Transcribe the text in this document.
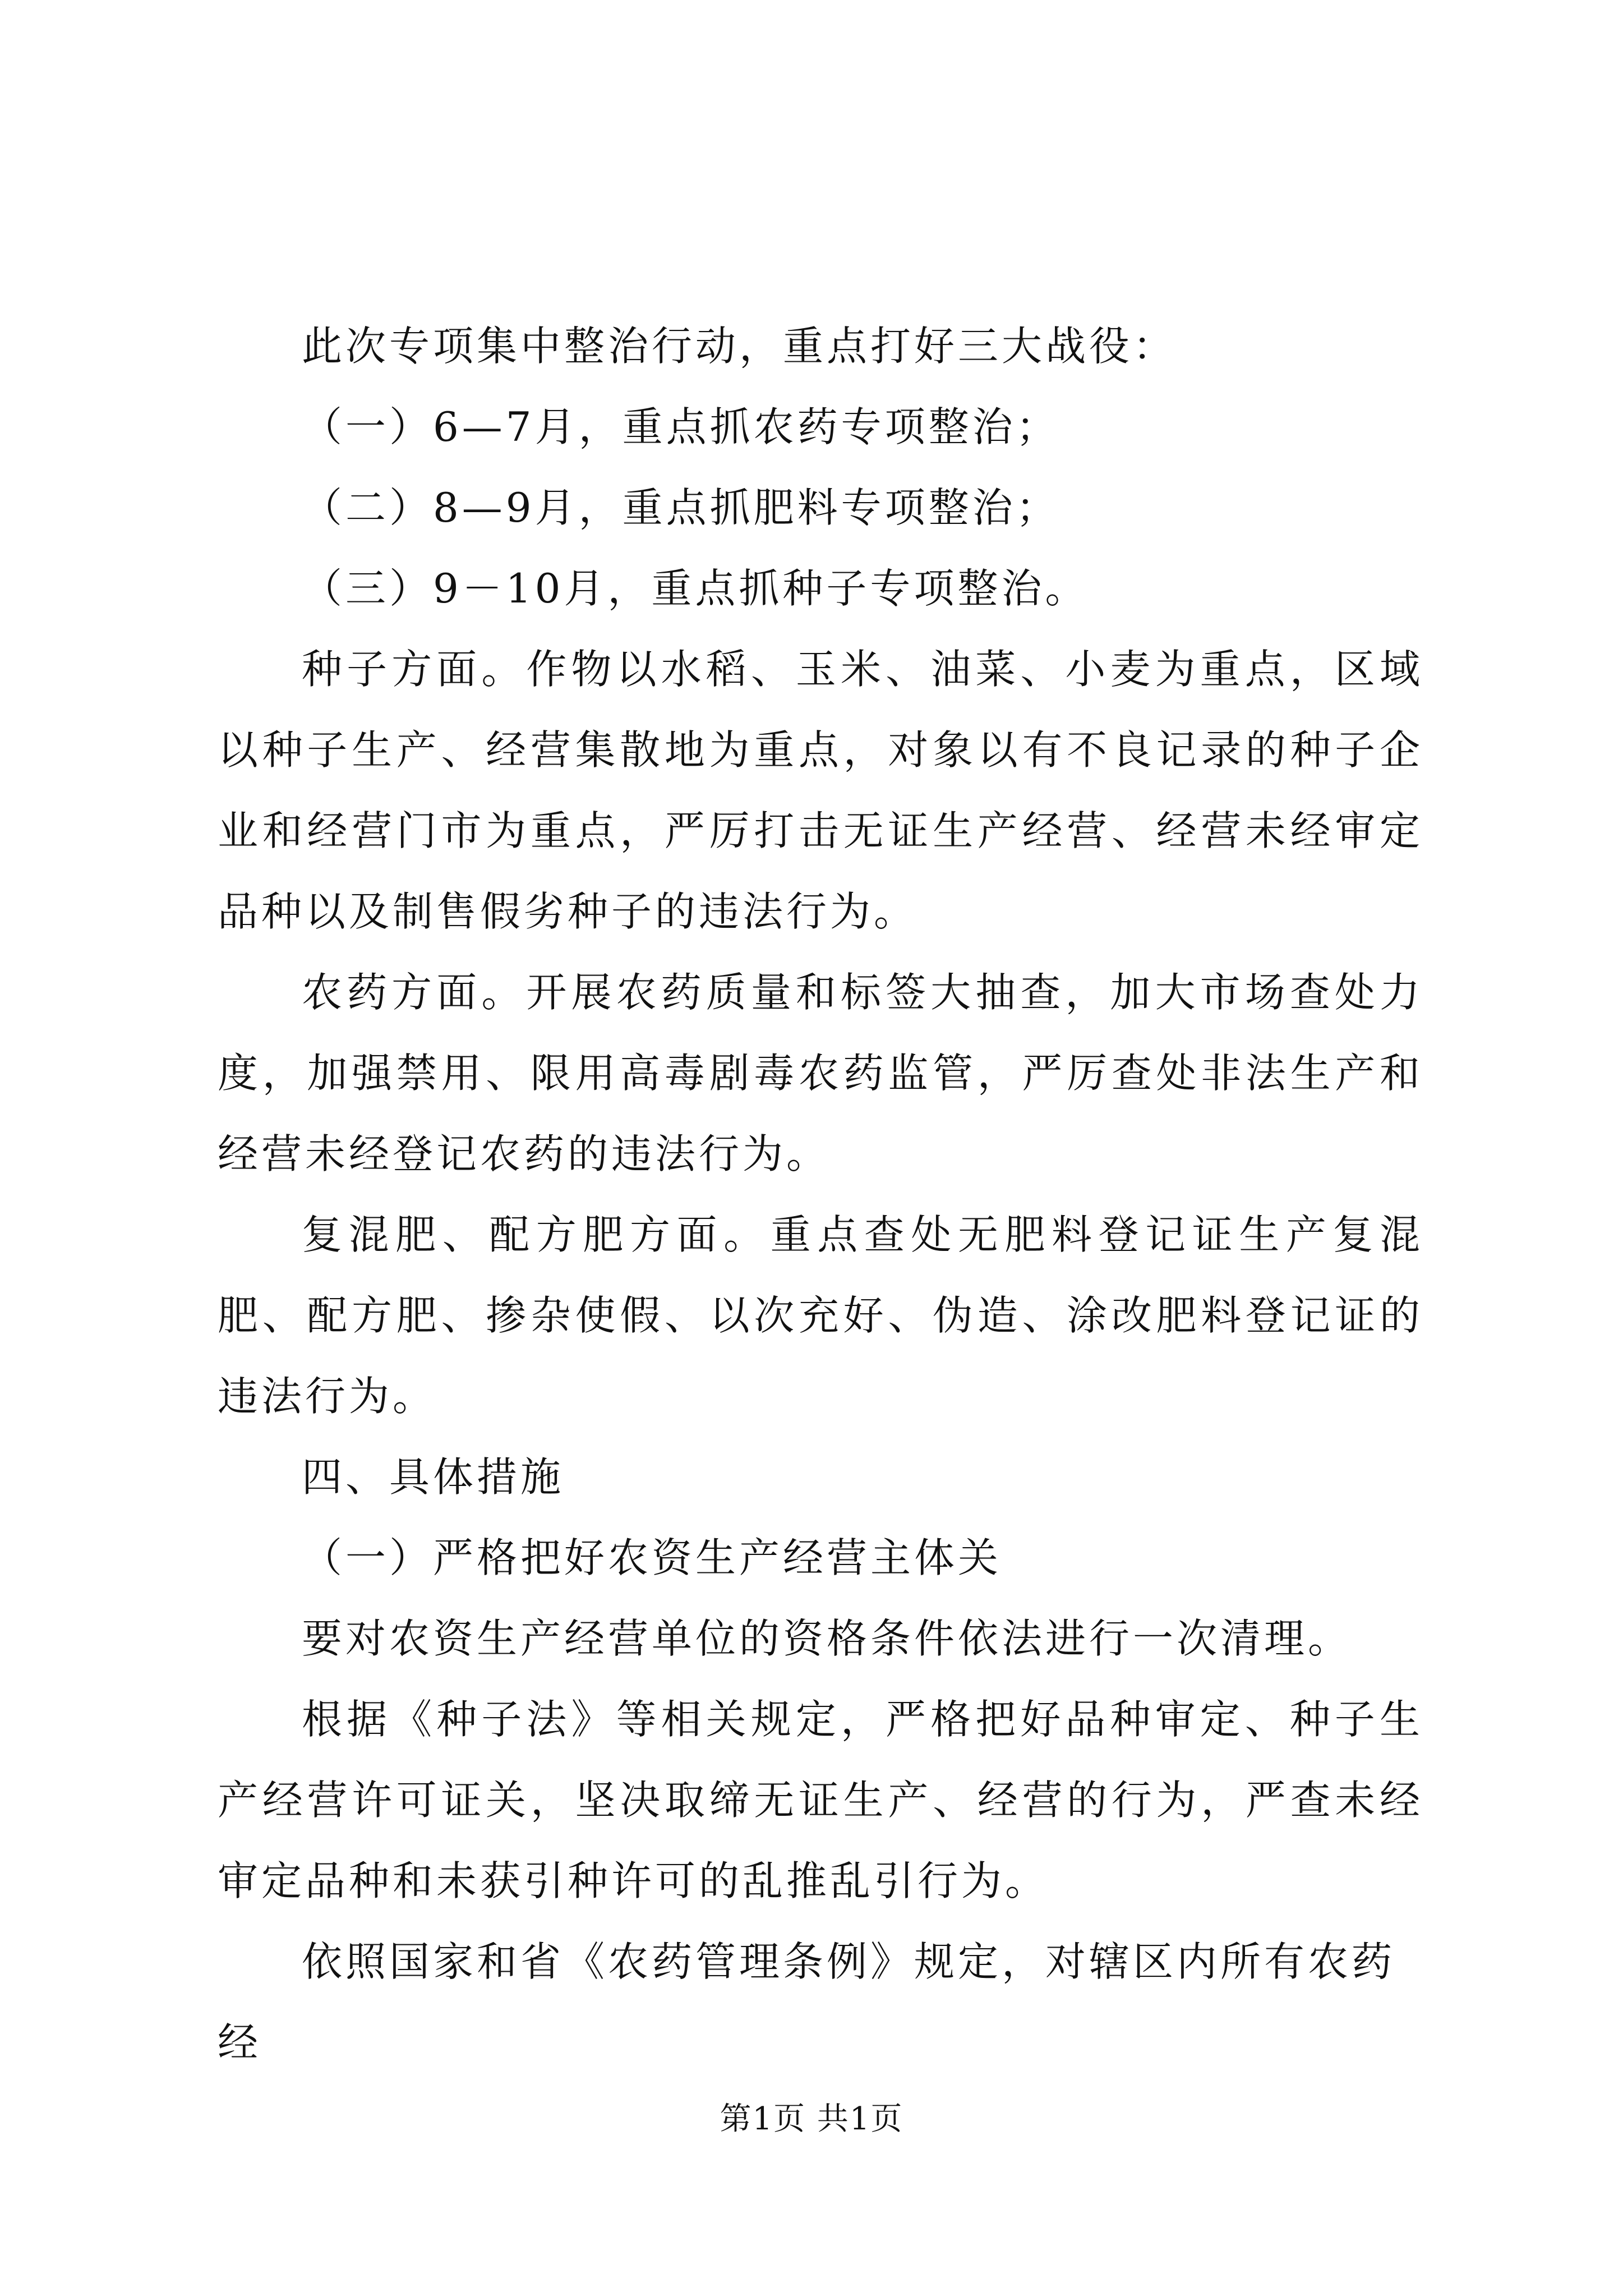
此次专项集中整治行动，重点打好三大战役：

（一）6—7月，重点抓农药专项整治；

（二）8—9月，重点抓肥料专项整治；

（三）9－10月，重点抓种子专项整治。

种子方面。作物以水稻、玉米、油菜、小麦为重点，区域以种子生产、经营集散地为重点，对象以有不良记录的种子企业和经营门市为重点，严厉打击无证生产经营、经营未经审定品种以及制售假劣种子的违法行为。

农药方面。开展农药质量和标签大抽查，加大市场查处力度，加强禁用、限用高毒剧毒农药监管，严厉查处非法生产和经营未经登记农药的违法行为。

复混肥、配方肥方面。重点查处无肥料登记证生产复混肥、配方肥、掺杂使假、以次充好、伪造、涂改肥料登记证的违法行为。

四、具体措施

（一）严格把好农资生产经营主体关

要对农资生产经营单位的资格条件依法进行一次清理。

根据《种子法》等相关规定，严格把好品种审定、种子生产经营许可证关，坚决取缔无证生产、经营的行为，严查未经审定品种和未获引种许可的乱推乱引行为。

依照国家和省《农药管理条例》规定，对辖区内所有农药经

第1页 共1页
